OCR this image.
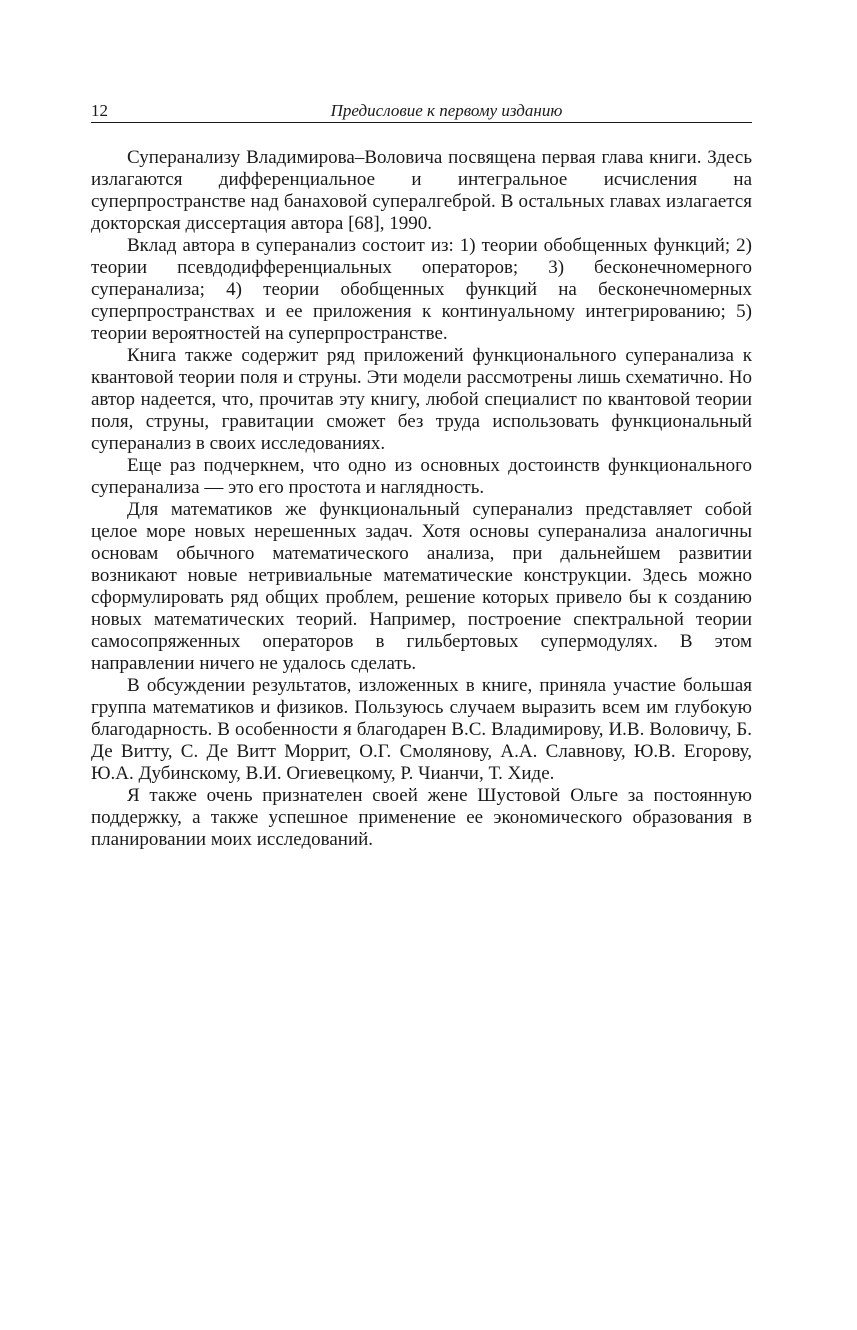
12	Предисловие к первому изданию

Суперанализу Владимирова–Воловича посвящена первая глава книги. Здесь излагаются дифференциальное и интегральное исчисления на суперпространстве над банаховой супералгеброй. В остальных главах излагается докторская диссертация автора [68], 1990.

Вклад автора в суперанализ состоит из: 1) теории обобщенных функций; 2) теории псевдодифференциальных операторов; 3) бесконечномерного суперанализа; 4) теории обобщенных функций на бесконечномерных суперпространствах и ее приложения к континуальному интегрированию; 5) теории вероятностей на суперпространстве.

Книга также содержит ряд приложений функционального суперанализа к квантовой теории поля и струны. Эти модели рассмотрены лишь схематично. Но автор надеется, что, прочитав эту книгу, любой специалист по квантовой теории поля, струны, гравитации сможет без труда использовать функциональный суперанализ в своих исследованиях.

Еще раз подчеркнем, что одно из основных достоинств функционального суперанализа — это его простота и наглядность.

Для математиков же функциональный суперанализ представляет собой целое море новых нерешенных задач. Хотя основы суперанализа аналогичны основам обычного математического анализа, при дальнейшем развитии возникают новые нетривиальные математические конструкции. Здесь можно сформулировать ряд общих проблем, решение которых привело бы к созданию новых математических теорий. Например, построение спектральной теории самосопряженных операторов в гильбертовых супермодулях. В этом направлении ничего не удалось сделать.

В обсуждении результатов, изложенных в книге, приняла участие большая группа математиков и физиков. Пользуюсь случаем выразить всем им глубокую благодарность. В особенности я благодарен В.С. Владимирову, И.В. Воловичу, Б. Де Витту, С. Де Витт Моррит, О.Г. Смолянову, А.А. Славнову, Ю.В. Егорову, Ю.А. Дубинскому, В.И. Огиевецкому, Р. Чианчи, Т. Хиде.

Я также очень признателен своей жене Шустовой Ольге за постоянную поддержку, а также успешное применение ее экономического образования в планировании моих исследований.
